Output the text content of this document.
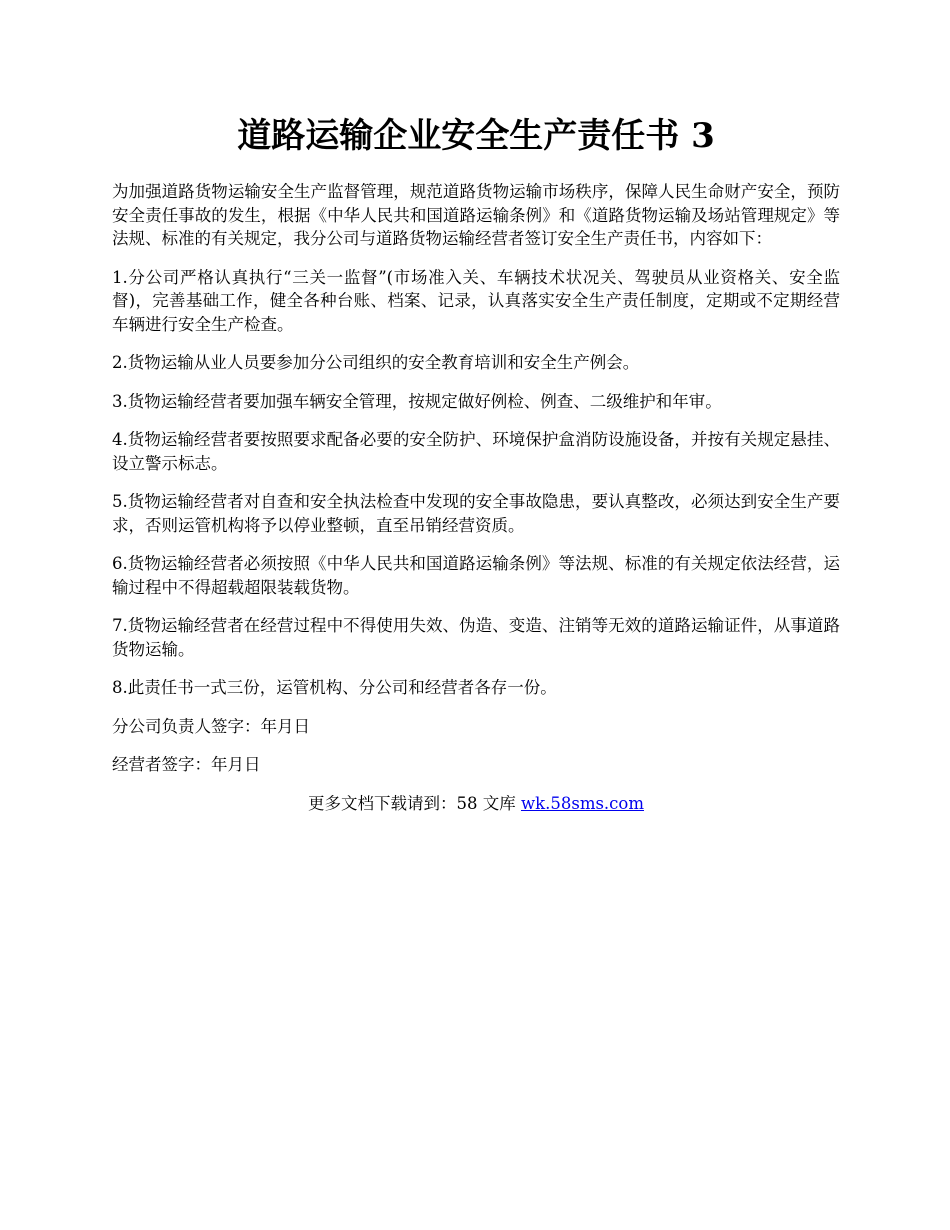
道路运输企业安全生产责任书 3

为加强道路货物运输安全生产监督管理，规范道路货物运输市场秩序，保障人民生命财产安全，预防安全责任事故的发生，根据《中华人民共和国道路运输条例》和《道路货物运输及场站管理规定》等法规、标准的有关规定，我分公司与道路货物运输经营者签订安全生产责任书，内容如下：

1.分公司严格认真执行“三关一监督”(市场准入关、车辆技术状况关、驾驶员从业资格关、安全监督)，完善基础工作，健全各种台账、档案、记录，认真落实安全生产责任制度，定期或不定期经营车辆进行安全生产检查。

2.货物运输从业人员要参加分公司组织的安全教育培训和安全生产例会。

3.货物运输经营者要加强车辆安全管理，按规定做好例检、例查、二级维护和年审。

4.货物运输经营者要按照要求配备必要的安全防护、环境保护盒消防设施设备，并按有关规定悬挂、设立警示标志。

5.货物运输经营者对自查和安全执法检查中发现的安全事故隐患，要认真整改，必须达到安全生产要求，否则运管机构将予以停业整顿，直至吊销经营资质。

6.货物运输经营者必须按照《中华人民共和国道路运输条例》等法规、标准的有关规定依法经营，运输过程中不得超载超限装载货物。

7.货物运输经营者在经营过程中不得使用失效、伪造、变造、注销等无效的道路运输证件，从事道路货物运输。

8.此责任书一式三份，运管机构、分公司和经营者各存一份。

分公司负责人签字：年月日

经营者签字：年月日

更多文档下载请到：58 文库 wk.58sms.com
